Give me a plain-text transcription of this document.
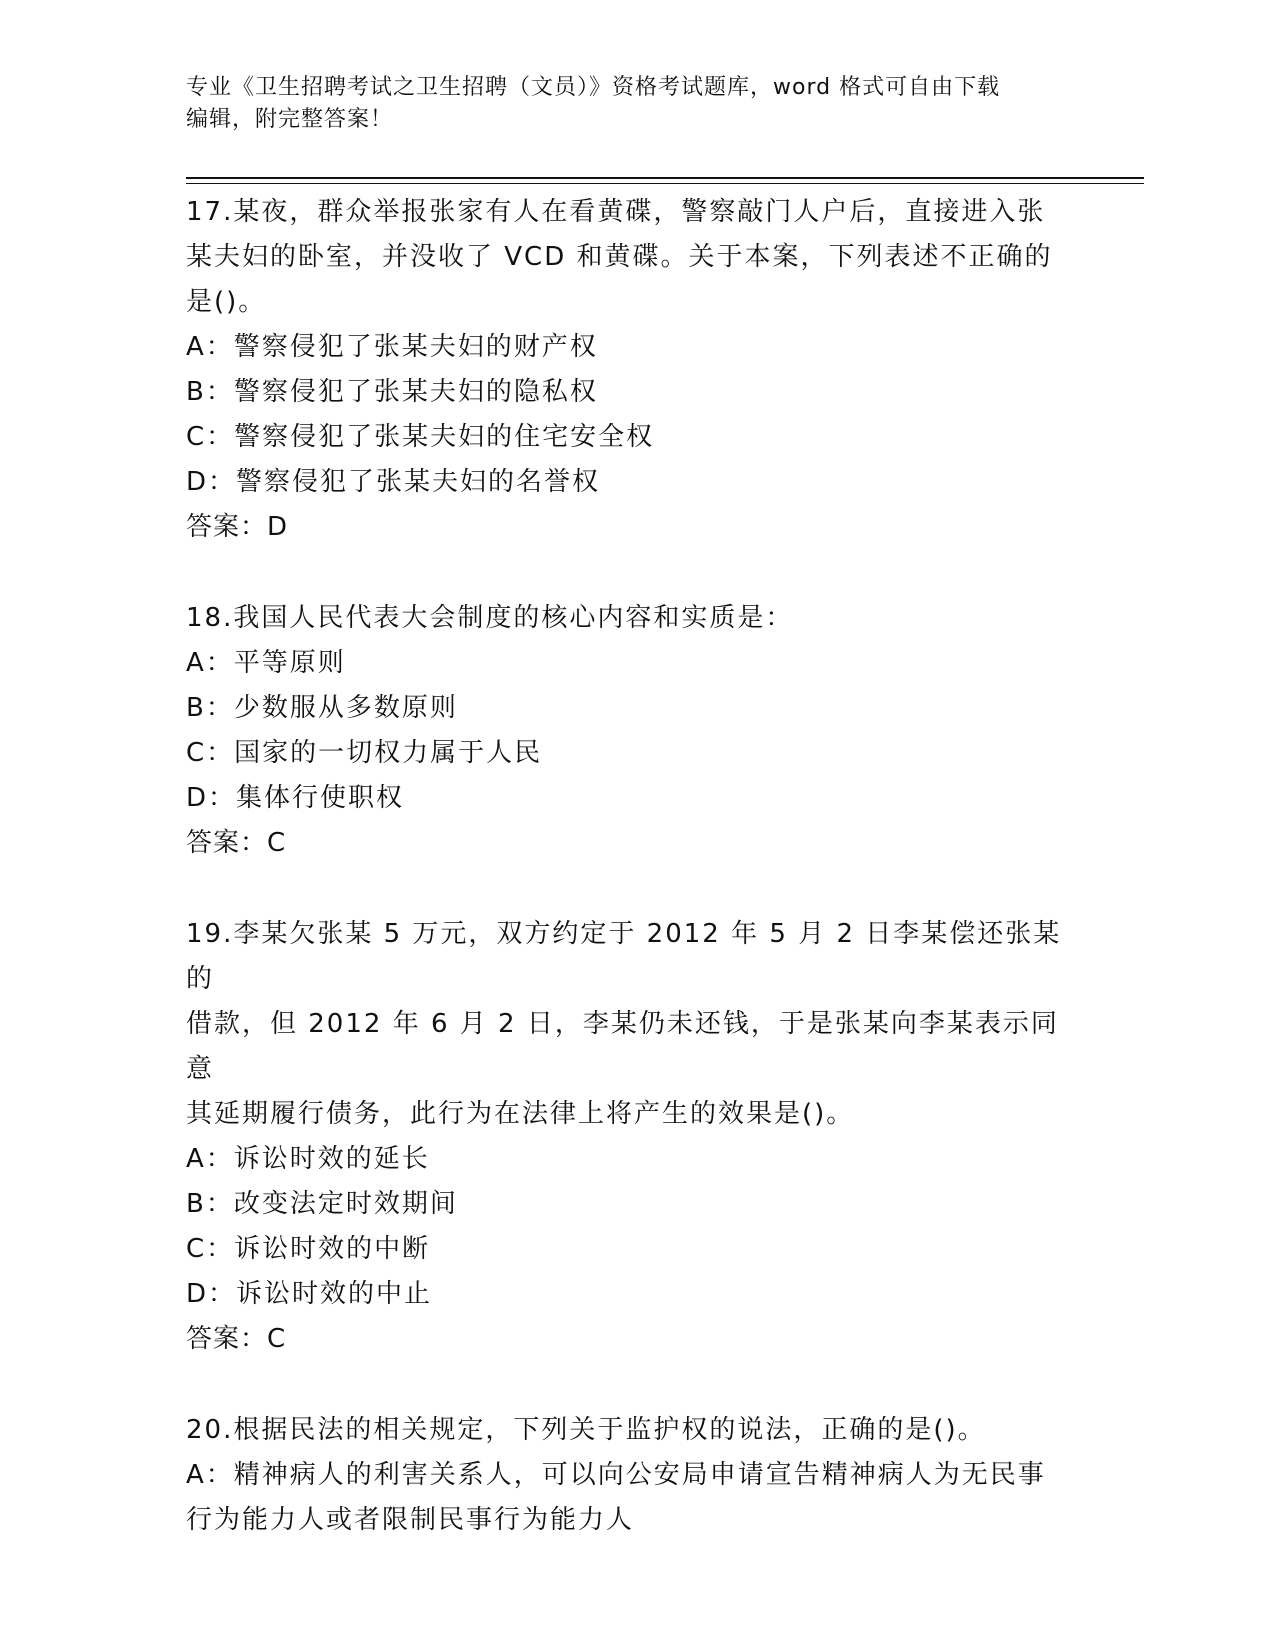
专业《卫生招聘考试之卫生招聘（文员）》资格考试题库，word 格式可自由下载
编辑，附完整答案！
17.某夜，群众举报张家有人在看黄碟，警察敲门人户后，直接进入张
某夫妇的卧室，并没收了 VCD 和黄碟。关于本案，下列表述不正确的
是()。
A：警察侵犯了张某夫妇的财产权
B：警察侵犯了张某夫妇的隐私权
C：警察侵犯了张某夫妇的住宅安全权
D：警察侵犯了张某夫妇的名誉权
答案：D
18.我国人民代表大会制度的核心内容和实质是：
A：平等原则
B：少数服从多数原则
C：国家的一切权力属于人民
D：集体行使职权
答案：C
19.李某欠张某 5 万元，双方约定于 2012 年 5 月 2 日李某偿还张某的
借款，但 2012 年 6 月 2 日，李某仍未还钱，于是张某向李某表示同意
其延期履行债务，此行为在法律上将产生的效果是()。
A：诉讼时效的延长
B：改变法定时效期间
C：诉讼时效的中断
D：诉讼时效的中止
答案：C
20.根据民法的相关规定，下列关于监护权的说法，正确的是()。
A：精神病人的利害关系人，可以向公安局申请宣告精神病人为无民事
行为能力人或者限制民事行为能力人
